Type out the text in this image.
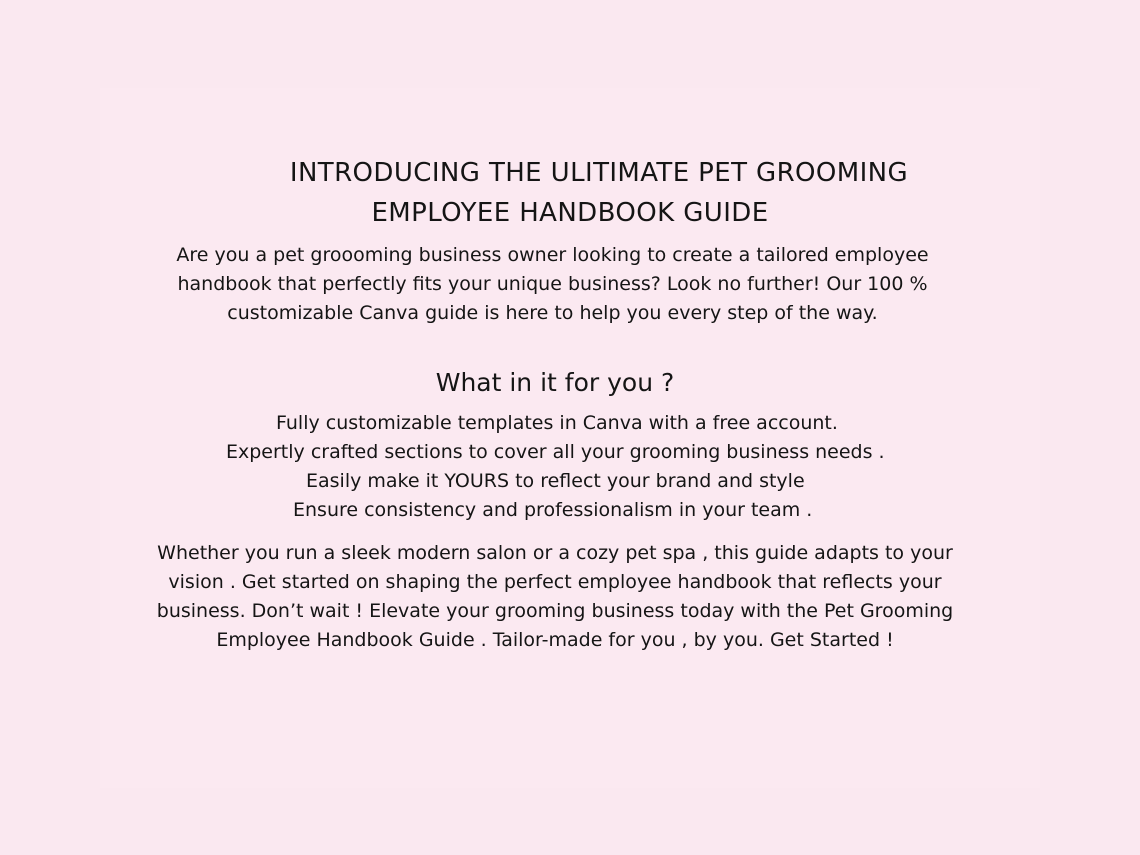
INTRODUCING THE ULITIMATE PET GROOMING
EMPLOYEE HANDBOOK GUIDE

Are you a pet groooming business owner looking to create a tailored employee handbook that perfectly fits your unique business? Look no further! Our 100 % customizable Canva guide is here to help you every step of the way.

What in it for you ?
Fully customizable templates in Canva with a free account.
Expertly crafted sections to cover all your grooming business needs .
Easily make it YOURS to reflect your brand and style
Ensure consistency and professionalism in your team .

Whether you run a sleek modern salon or a cozy pet spa , this guide adapts to your vision . Get started on shaping the perfect employee handbook that reflects your business. Don’t wait ! Elevate your grooming business today with the Pet Grooming Employee Handbook Guide . Tailor-made for you , by you. Get Started !
